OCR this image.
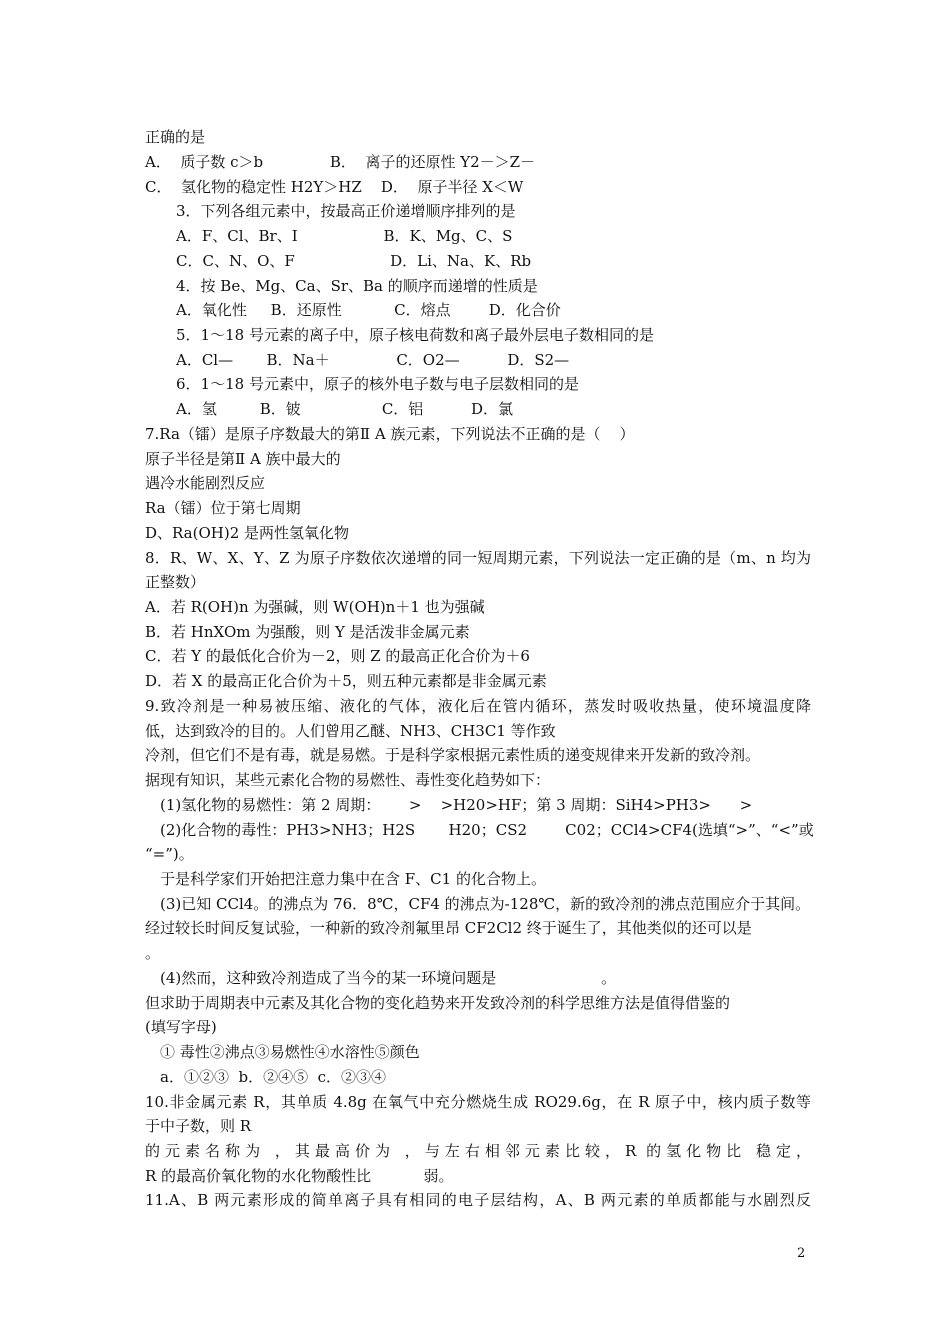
正确的是
A．  质子数 c＞b              B．  离子的还原性 Y2－＞Z－
C．  氢化物的稳定性 H2Y＞HZ    D．  原子半径 X＜W
3．下列各组元素中，按最高正价递增顺序排列的是
A．F、Cl、Br、I                  B．K、Mg、C、S
C．C、N、O、F                    D．Li、Na、K、Rb
4．按 Be、Mg、Ca、Sr、Ba 的顺序而递增的性质是
A．氧化性     B．还原性           C．熔点        D．化合价
5．1～18 号元素的离子中，原子核电荷数和离子最外层电子数相同的是
A．Cl—       B．Na＋              C．O2—          D．S2—
6．1～18 号元素中，原子的核外电子数与电子层数相同的是
A．氢         B．铍                 C．铝          D．氯
7.Ra（镭）是原子序数最大的第Ⅱ A 族元素，下列说法不正确的是（    ）
原子半径是第Ⅱ A 族中最大的
遇冷水能剧烈反应
Ra（镭）位于第七周期
D、Ra(OH)2 是两性氢氧化物
8．R、W、X、Y、Z 为原子序数依次递增的同一短周期元素，下列说法一定正确的是（m、n 均为
正整数）
A．若 R(OH)n 为强碱，则 W(OH)n＋1 也为强碱
B．若 HnXOm 为强酸，则 Y 是活泼非金属元素
C．若 Y 的最低化合价为－2，则 Z 的最高正化合价为＋6
D．若 X 的最高正化合价为＋5，则五种元素都是非金属元素
9.致冷剂是一种易被压缩、液化的气体，液化后在管内循环，蒸发时吸收热量，使环境温度降
低，达到致冷的目的。人们曾用乙醚、NH3、CH3C1 等作致
冷剂，但它们不是有毒，就是易燃。于是科学家根据元素性质的递变规律来开发新的致冷剂。
据现有知识，某些元素化合物的易燃性、毒性变化趋势如下：
(1)氢化物的易燃性：第 2 周期：      >    >H20>HF；第 3 周期：SiH4>PH3>      >
(2)化合物的毒性：PH3>NH3；H2S       H20；CS2        C02；CCl4>CF4(选填“>”、“<”或
“=”)。
于是科学家们开始把注意力集中在含 F、C1 的化合物上。
(3)已知 CCl4。的沸点为 76．8℃，CF4 的沸点为-128℃，新的致冷剂的沸点范围应介于其间。
经过较长时间反复试验，一种新的致冷剂氟里昂 CF2Cl2 终于诞生了，其他类似的还可以是
。
(4)然而，这种致冷剂造成了当今的某一环境问题是                      。
但求助于周期表中元素及其化合物的变化趋势来开发致冷剂的科学思维方法是值得借鉴的
(填写字母)
① 毒性②沸点③易燃性④水溶性⑤颜色
a．①②③  b．②④⑤  c．②③④
10.非金属元素 R，其单质 4.8g 在氧气中充分燃烧生成 RO29.6g，在 R 原子中，核内质子数等
于中子数，则 R
的元素名称为 ，其最高价为 ，与左右相邻元素比较，R 的氢化物比 稳定，
R 的最高价氧化物的水化物酸性比           弱。
11.A、B 两元素形成的简单离子具有相同的电子层结构，A、B 两元素的单质都能与水剧烈反
2
